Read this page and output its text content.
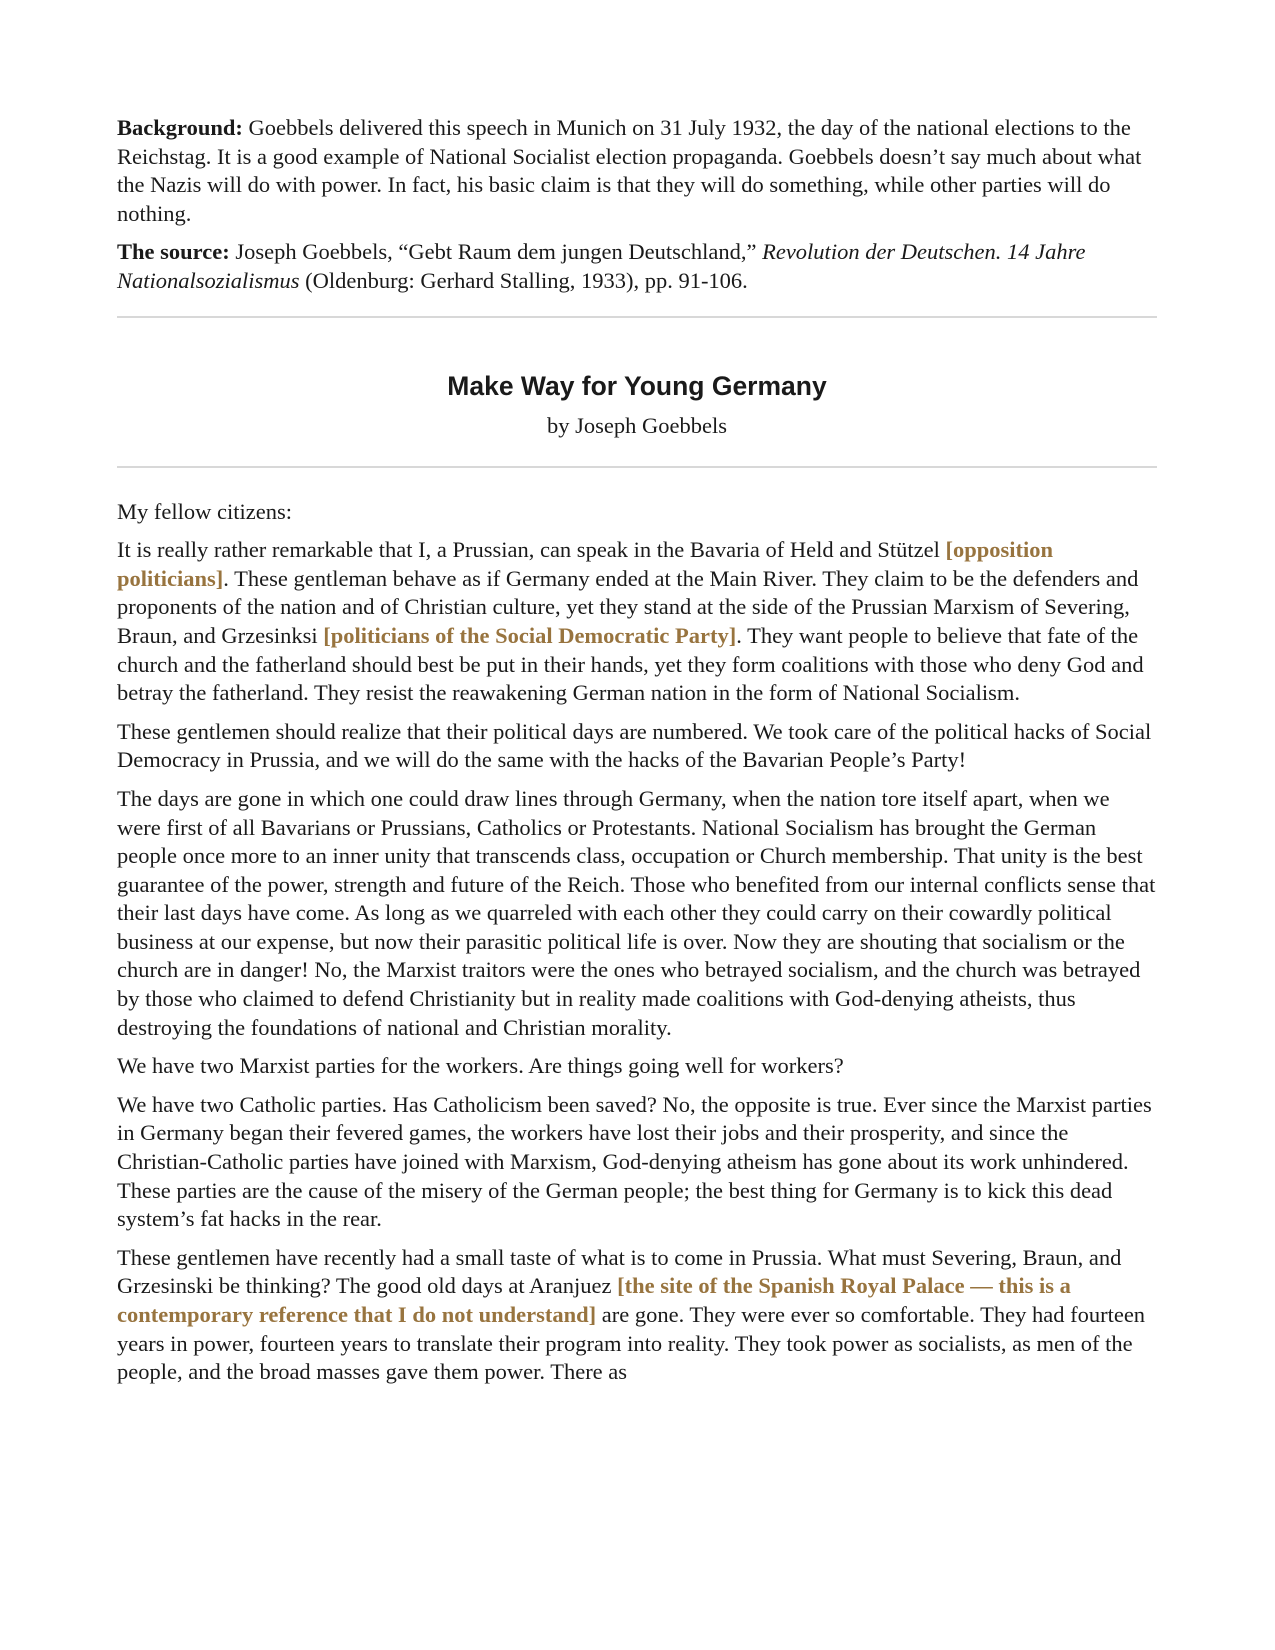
Background: Goebbels delivered this speech in Munich on 31 July 1932, the day of the national elections to the Reichstag. It is a good example of National Socialist election propaganda. Goebbels doesn’t say much about what the Nazis will do with power. In fact, his basic claim is that they will do something, while other parties will do nothing.

The source: Joseph Goebbels, “Gebt Raum dem jungen Deutschland,” Revolution der Deutschen. 14 Jahre Nationalsozialismus (Oldenburg: Gerhard Stalling, 1933), pp. 91-106.

Make Way for Young Germany

by Joseph Goebbels

My fellow citizens:

It is really rather remarkable that I, a Prussian, can speak in the Bavaria of Held and Stützel [opposition politicians]. These gentleman behave as if Germany ended at the Main River. They claim to be the defenders and proponents of the nation and of Christian culture, yet they stand at the side of the Prussian Marxism of Severing, Braun, and Grzesinksi [politicians of the Social Democratic Party]. They want people to believe that fate of the church and the fatherland should best be put in their hands, yet they form coalitions with those who deny God and betray the fatherland. They resist the reawakening German nation in the form of National Socialism.

These gentlemen should realize that their political days are numbered. We took care of the political hacks of Social Democracy in Prussia, and we will do the same with the hacks of the Bavarian People’s Party!

The days are gone in which one could draw lines through Germany, when the nation tore itself apart, when we were first of all Bavarians or Prussians, Catholics or Protestants. National Socialism has brought the German people once more to an inner unity that transcends class, occupation or Church membership. That unity is the best guarantee of the power, strength and future of the Reich. Those who benefited from our internal conflicts sense that their last days have come. As long as we quarreled with each other they could carry on their cowardly political business at our expense, but now their parasitic political life is over. Now they are shouting that socialism or the church are in danger! No, the Marxist traitors were the ones who betrayed socialism, and the church was betrayed by those who claimed to defend Christianity but in reality made coalitions with God-denying atheists, thus destroying the foundations of national and Christian morality.

We have two Marxist parties for the workers. Are things going well for workers?

We have two Catholic parties. Has Catholicism been saved? No, the opposite is true. Ever since the Marxist parties in Germany began their fevered games, the workers have lost their jobs and their prosperity, and since the Christian-Catholic parties have joined with Marxism, God-denying atheism has gone about its work unhindered. These parties are the cause of the misery of the German people; the best thing for Germany is to kick this dead system’s fat hacks in the rear.

These gentlemen have recently had a small taste of what is to come in Prussia. What must Severing, Braun, and Grzesinski be thinking? The good old days at Aranjuez [the site of the Spanish Royal Palace — this is a contemporary reference that I do not understand] are gone. They were ever so comfortable. They had fourteen years in power, fourteen years to translate their program into reality. They took power as socialists, as men of the people, and the broad masses gave them power. There as
